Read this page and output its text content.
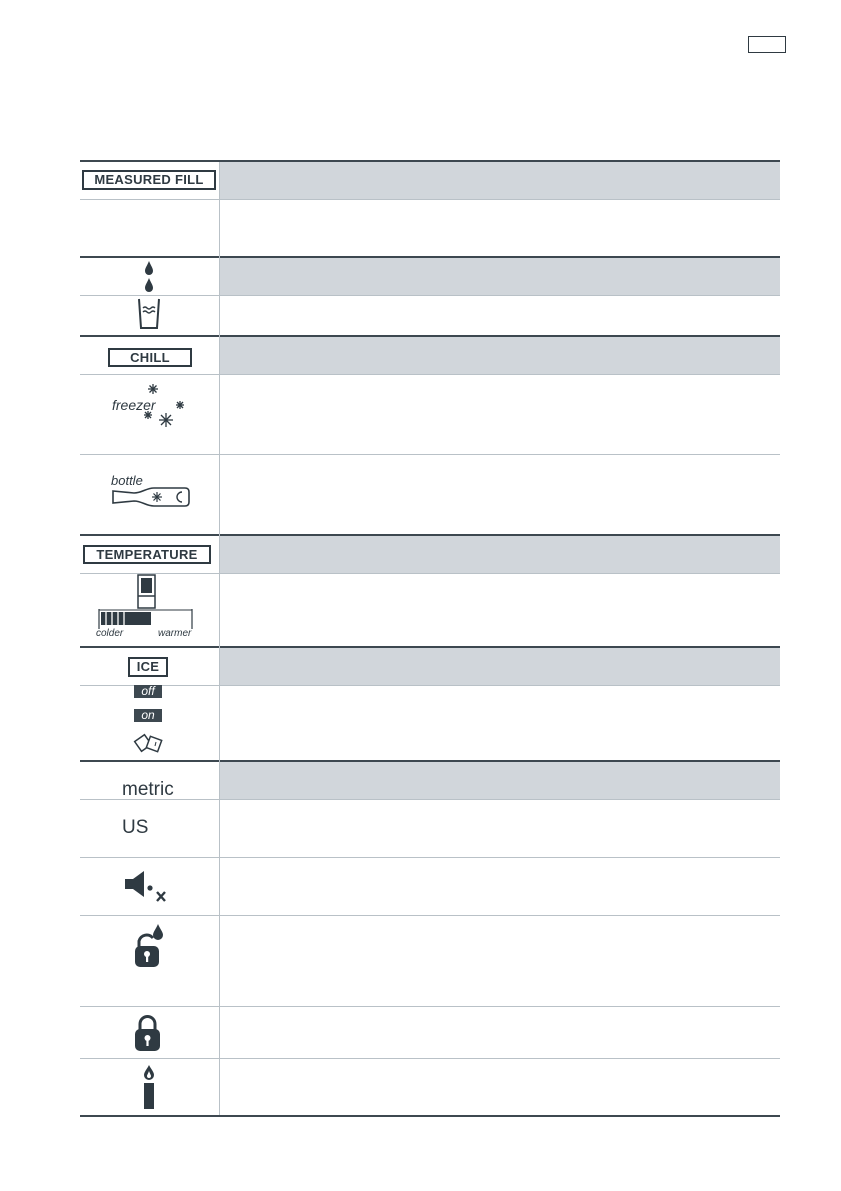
MEASURED FILL
CHILL
freezer
bottle
TEMPERATURE
colder	warmer
ICE
off
on
metric
US
